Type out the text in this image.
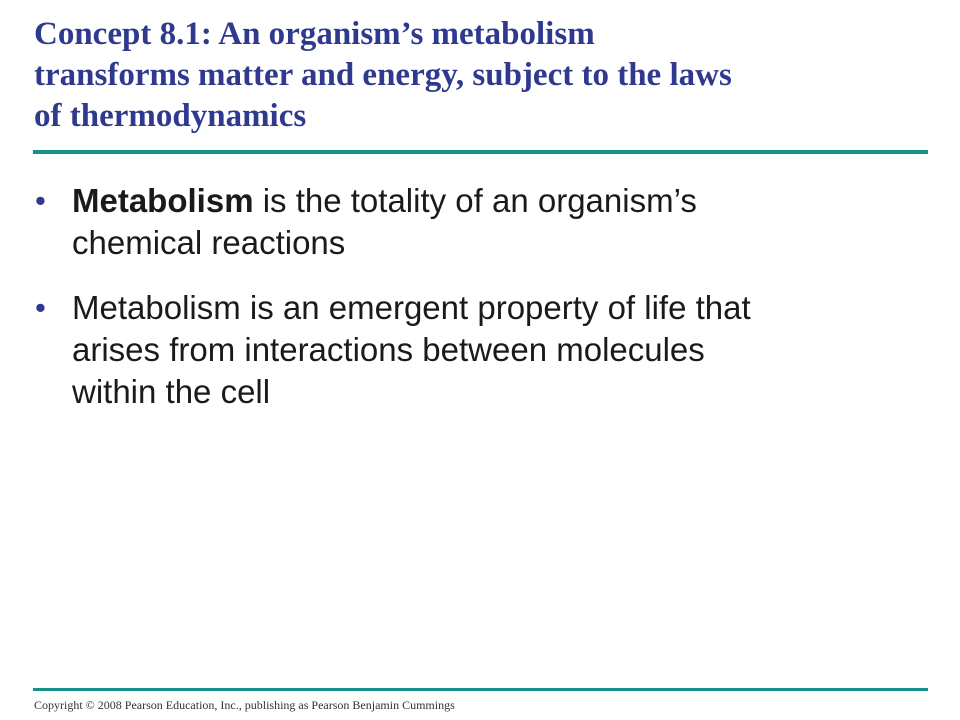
Concept 8.1: An organism’s metabolism
transforms matter and energy, subject to the laws
of thermodynamics
• Metabolism is the totality of an organism’s
chemical reactions
• Metabolism is an emergent property of life that
arises from interactions between molecules
within the cell

Copyright © 2008 Pearson Education, Inc., publishing as Pearson Benjamin Cummings
